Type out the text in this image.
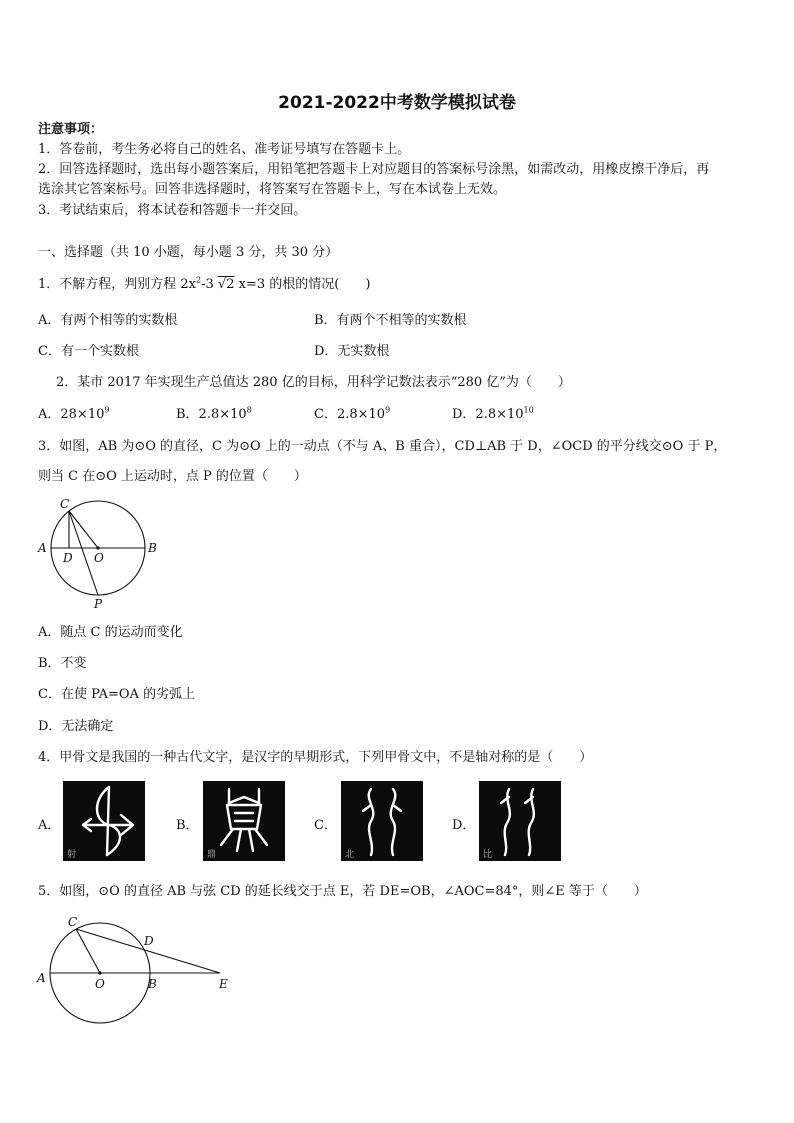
2021-2022中考数学模拟试卷
注意事项：
1．答卷前，考生务必将自己的姓名、准考证号填写在答题卡上。
2．回答选择题时，选出每小题答案后，用铅笔把答题卡上对应题目的答案标号涂黑，如需改动，用橡皮擦干净后，再
选涂其它答案标号。回答非选择题时，将答案写在答题卡上，写在本试卷上无效。
3．考试结束后，将本试卷和答题卡一并交回。
一、选择题（共 10 小题，每小题 3 分，共 30 分）
1．不解方程，判别方程 $2x^2-3$ √2 x=3 的根的情况(　　)
A．有两个相等的实数根	B．有两个不相等的实数根
C．有一个实数根	D．无实数根
2．某市 2017 年实现生产总值达 280 亿的目标，用科学记数法表示“280 亿”为（　　）
A．$28\times 10^9$	B．$2.8\times 10^8$	C．$2.8\times 10^9$	D．$2.8\times 10^{10}$
3．如图，AB 为⊙O 的直径，C 为⊙O 上的一动点（不与 A、B 重合），CD⊥AB 于 D，∠OCD 的平分线交⊙O 于 P，
则当 C 在⊙O 上运动时，点 P 的位置（　　）
C
A
D O
B
P
A．随点 C 的运动而变化
B．不变
C．在使 PA=OA 的劣弧上
D．无法确定
4．甲骨文是我国的一种古代文字，是汉字的早期形式，下列甲骨文中，不是轴对称的是（　　）
A．
射
B．
鼎
C．
北
D．
比
5．如图，⊙O 的直径 AB 与弦 CD 的延长线交于点 E，若 DE=OB，∠AOC=84°，则∠E 等于（　　）
C
D
A	O	B	E
